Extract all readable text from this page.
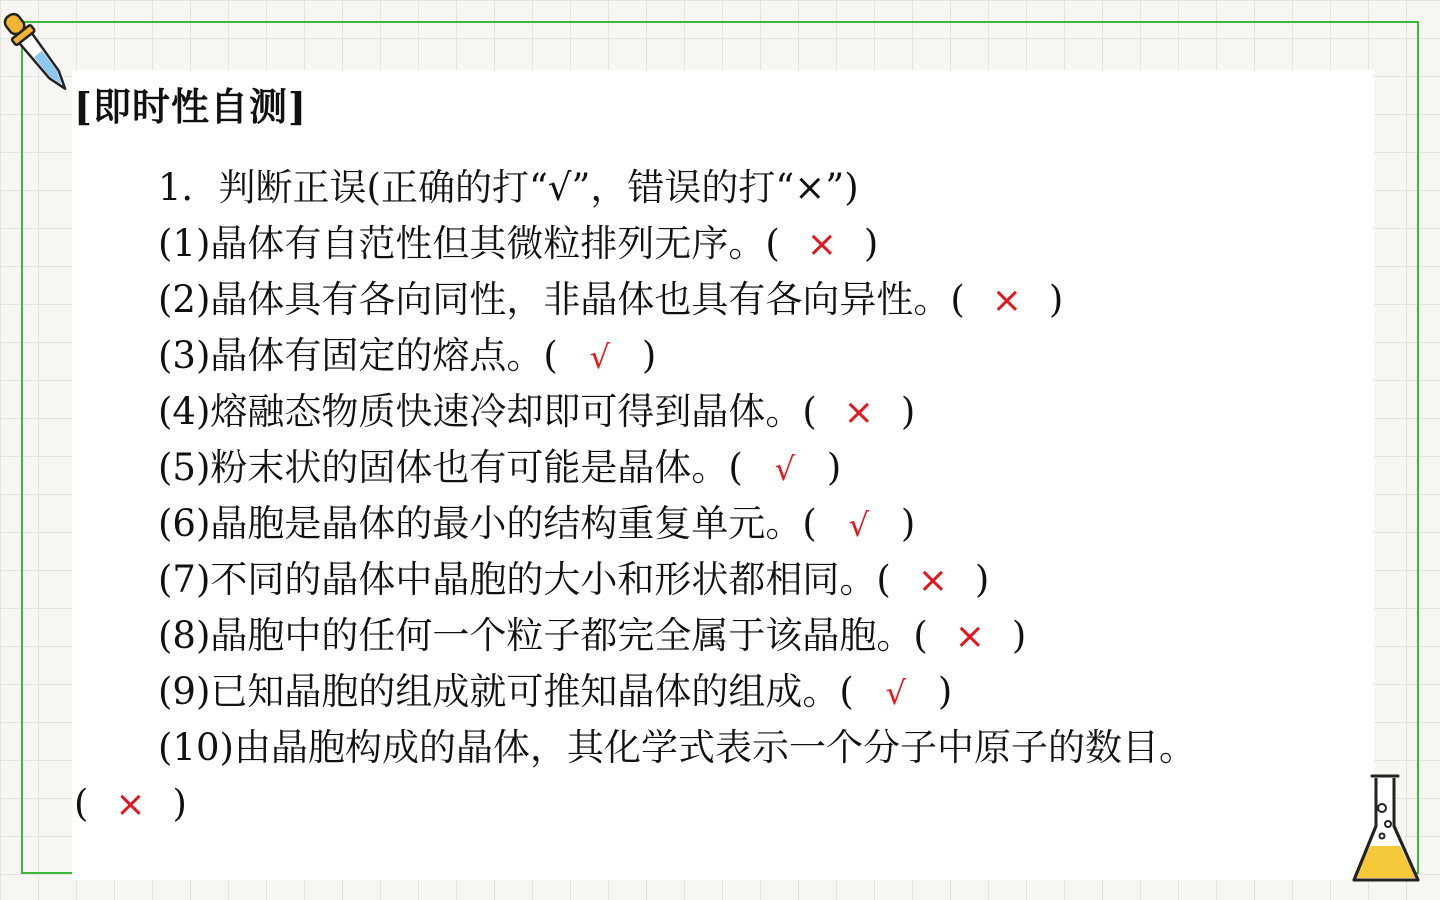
[即时性自测]
1．判断正误(正确的打“√”，错误的打“×”)
(1)晶体有自范性但其微粒排列无序。( × )
(2)晶体具有各向同性，非晶体也具有各向异性。( × )
(3)晶体有固定的熔点。( √ )
(4)熔融态物质快速冷却即可得到晶体。( × )
(5)粉末状的固体也有可能是晶体。( √ )
(6)晶胞是晶体的最小的结构重复单元。( √ )
(7)不同的晶体中晶胞的大小和形状都相同。( × )
(8)晶胞中的任何一个粒子都完全属于该晶胞。( × )
(9)已知晶胞的组成就可推知晶体的组成。( √ )
(10)由晶胞构成的晶体，其化学式表示一个分子中原子的数目。
( × )
